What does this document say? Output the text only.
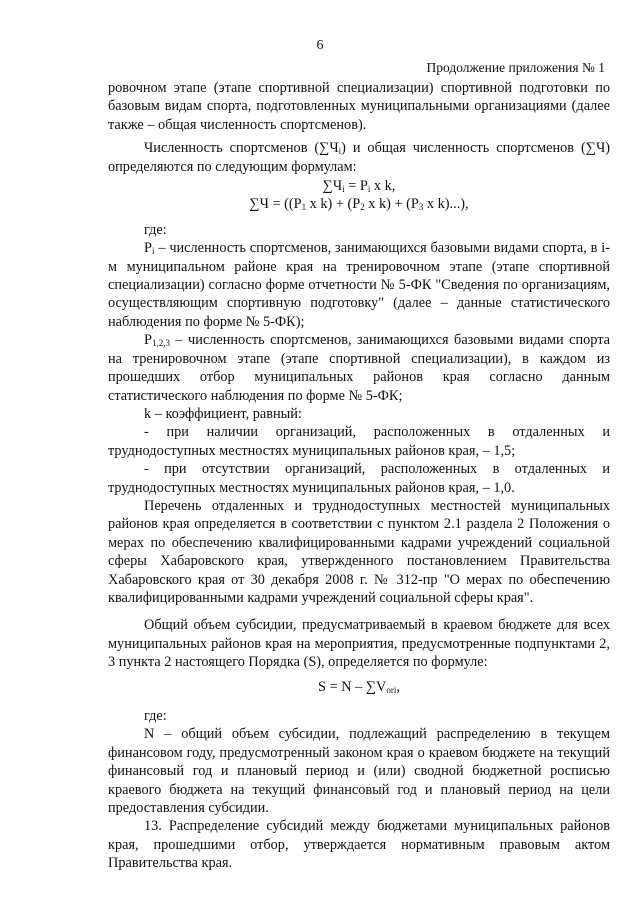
6
Продолжение приложения № 1

ровочном этапе (этапе спортивной специализации) спортивной подготовки по базовым видам спорта, подготовленных муниципальными организациями (далее также – общая численность спортсменов).

Численность спортсменов $(\sum Ч_i)$ и общая численность спортсменов (∑Ч) определяются по следующим формулам:

$\sum Ч_i = P_i$ x k,
$\sum Ч = ((P_1$ x $k) + (P_2$ x $k) + (P_3$ x k)...),

где:

$P_i$ – численность спортсменов, занимающихся базовыми видами спорта, в i-м муниципальном районе края на тренировочном этапе (этапе спортивной специализации) согласно форме отчетности № 5-ФК "Сведения по организациям, осуществляющим спортивную подготовку" (далее – данные статистического наблюдения по форме № 5-ФК);

$P_{1,2,3}$ – численность спортсменов, занимающихся базовыми видами спорта на тренировочном этапе (этапе спортивной специализации), в каждом из прошедших отбор муниципальных районов края согласно данным статистического наблюдения по форме № 5-ФК;

k – коэффициент, равный:

- при наличии организаций, расположенных в отдаленных и труднодоступных местностях муниципальных районов края, – 1,5;

- при отсутствии организаций, расположенных в отдаленных и труднодоступных местностях муниципальных районов края, – 1,0.

Перечень отдаленных и труднодоступных местностей муниципальных районов края определяется в соответствии с пунктом 2.1 раздела 2 Положения о мерах по обеспечению квалифицированными кадрами учреждений социальной сферы Хабаровского края, утвержденного постановлением Правительства Хабаровского края от 30 декабря 2008 г. № 312-пр "О мерах по обеспечению квалифицированными кадрами учреждений социальной сферы края".

Общий объем субсидии, предусматриваемый в краевом бюджете для всех муниципальных районов края на мероприятия, предусмотренные подпунктами 2, 3 пункта 2 настоящего Порядка (S), определяется по формуле:

$S = N - \sum V_{ori}$,

где:

N – общий объем субсидии, подлежащий распределению в текущем финансовом году, предусмотренный законом края о краевом бюджете на текущий финансовый год и плановый период и (или) сводной бюджетной росписью краевого бюджета на текущий финансовый год и плановый период на цели предоставления субсидии.

13. Распределение субсидий между бюджетами муниципальных районов края, прошедшими отбор, утверждается нормативным правовым актом Правительства края.
